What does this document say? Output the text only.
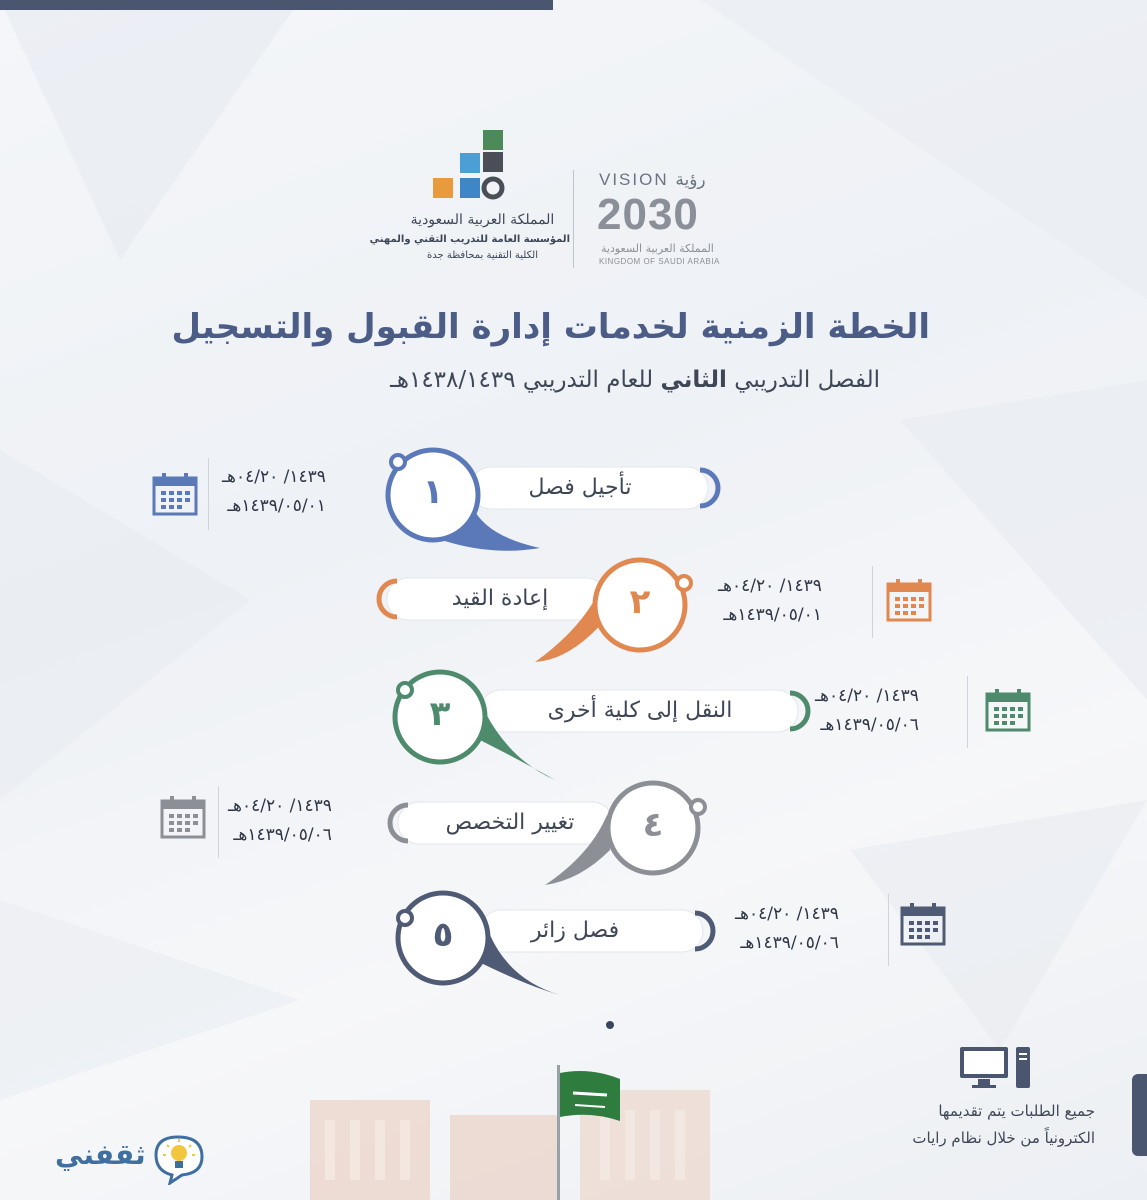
المملكة العربية السعودية
المؤسسة العامة للتدريب التقني والمهني
الكلية التقنية بمحافظة جدة
VISION رؤية
2030
المملكة العربية السعودية
KINGDOM OF SAUDI ARABIA
الخطة الزمنية لخدمات إدارة القبول والتسجيل
الفصل التدريبي الثاني للعام التدريبي ١٤٣٨/١٤٣٩هـ
١
٢
٣
٤
٥
تأجيل فصل
إعادة القيد
النقل إلى كلية أخرى
تغيير التخصص
فصل زائر
١٤٣٩/ ٠٤/٢٠هـ
١٤٣٩/٠٥/٠١هـ
١٤٣٩/ ٠٤/٢٠هـ
١٤٣٩/٠٥/٠١هـ
١٤٣٩/ ٠٤/٢٠هـ
١٤٣٩/٠٥/٠٦هـ
١٤٣٩/ ٠٤/٢٠هـ
١٤٣٩/٠٥/٠٦هـ
١٤٣٩/ ٠٤/٢٠هـ
١٤٣٩/٠٥/٠٦هـ
جميع الطلبات يتم تقديمها
الكترونياً من خلال نظام رايات
ثقفني
